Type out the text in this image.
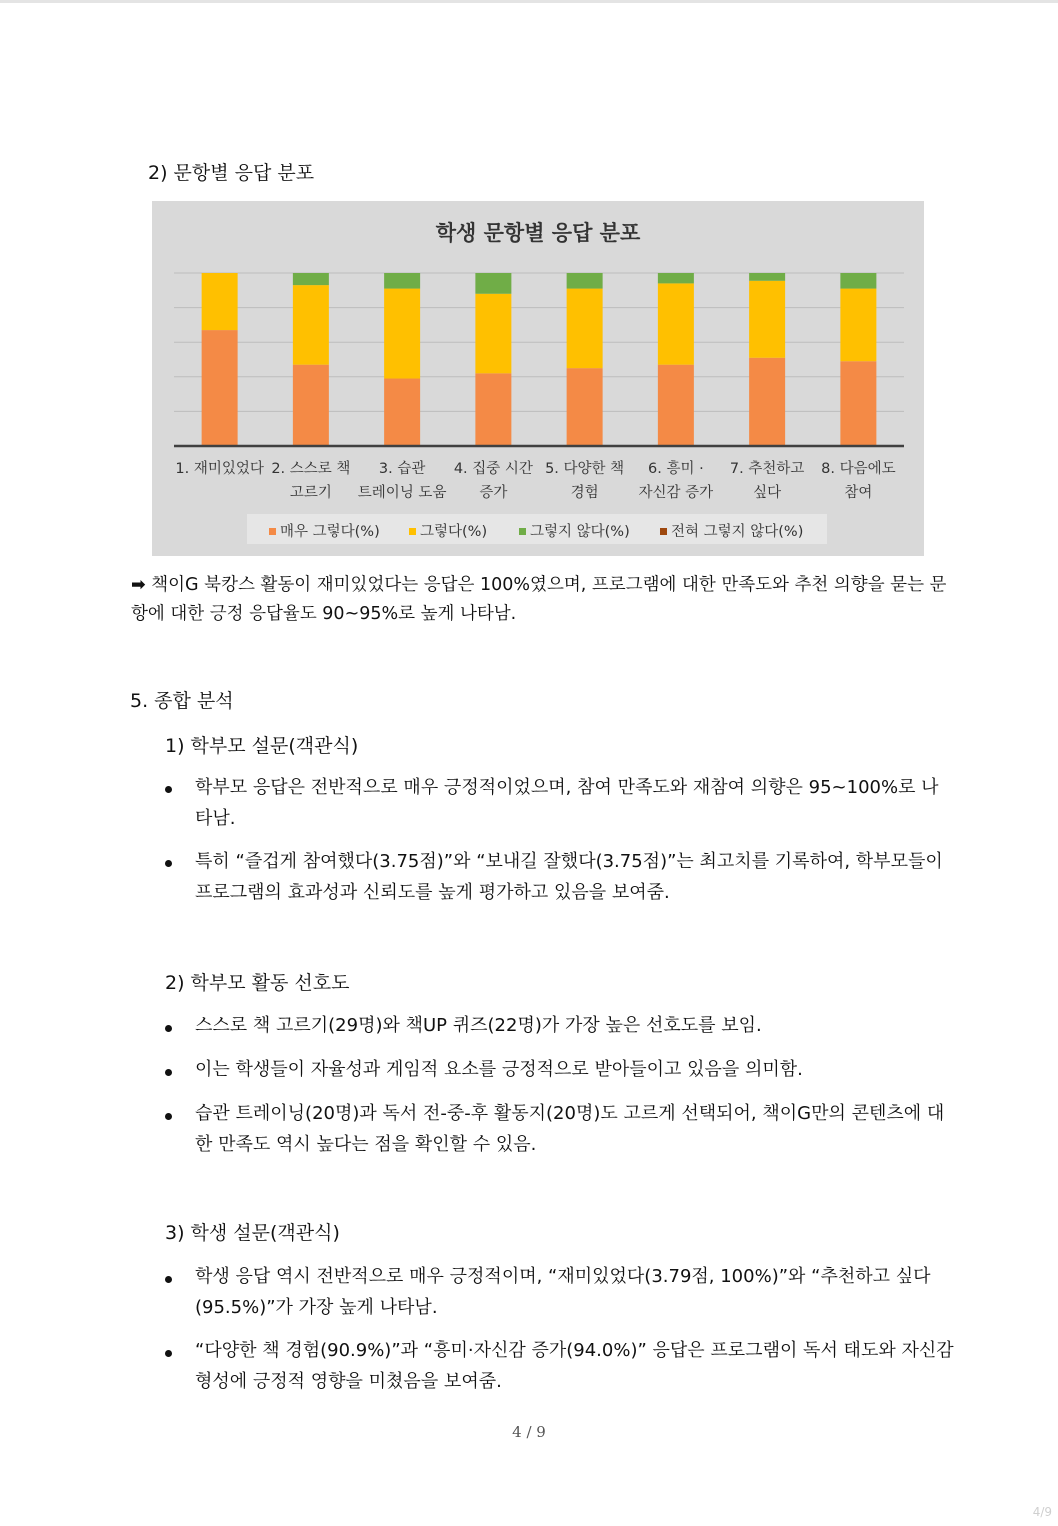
2) 문항별 응답 분포
학생 문항별 응답 분포
1. 재미있었다
2. 스스로 책
고르기
3. 습관
트레이닝 도움
4. 집중 시간
증가
5. 다양한 책
경험
6. 흥미 ·
자신감 증가
7. 추천하고
싶다
8. 다음에도
참여
매우 그렇다(%)	그렇다(%)	그렇지 않다(%)	전혀 그렇지 않다(%)
➡ 책이G 북캉스 활동이 재미있었다는 응답은 100%였으며, 프로그램에 대한 만족도와 추천 의향을 묻는 문
항에 대한 긍정 응답율도 90~95%로 높게 나타남.
5. 종합 분석
1) 학부모 설문(객관식)
학부모 응답은 전반적으로 매우 긍정적이었으며, 참여 만족도와 재참여 의향은 95~100%로 나타남.
특히 “즐겁게 참여했다(3.75점)”와 “보내길 잘했다(3.75점)”는 최고치를 기록하여, 학부모들이 프로그램의 효과성과 신뢰도를 높게 평가하고 있음을 보여줌.
2) 학부모 활동 선호도
스스로 책 고르기(29명)와 책UP 퀴즈(22명)가 가장 높은 선호도를 보임.
이는 학생들이 자율성과 게임적 요소를 긍정적으로 받아들이고 있음을 의미함.
습관 트레이닝(20명)과 독서 전-중-후 활동지(20명)도 고르게 선택되어, 책이G만의 콘텐츠에 대한 만족도 역시 높다는 점을 확인할 수 있음.
3) 학생 설문(객관식)
학생 응답 역시 전반적으로 매우 긍정적이며, “재미있었다(3.79점, 100%)”와 “추천하고 싶다(95.5%)”가 가장 높게 나타남.
“다양한 책 경험(90.9%)”과 “흥미·자신감 증가(94.0%)” 응답은 프로그램이 독서 태도와 자신감 형성에 긍정적 영향을 미쳤음을 보여줌.
4 / 9
4/9
